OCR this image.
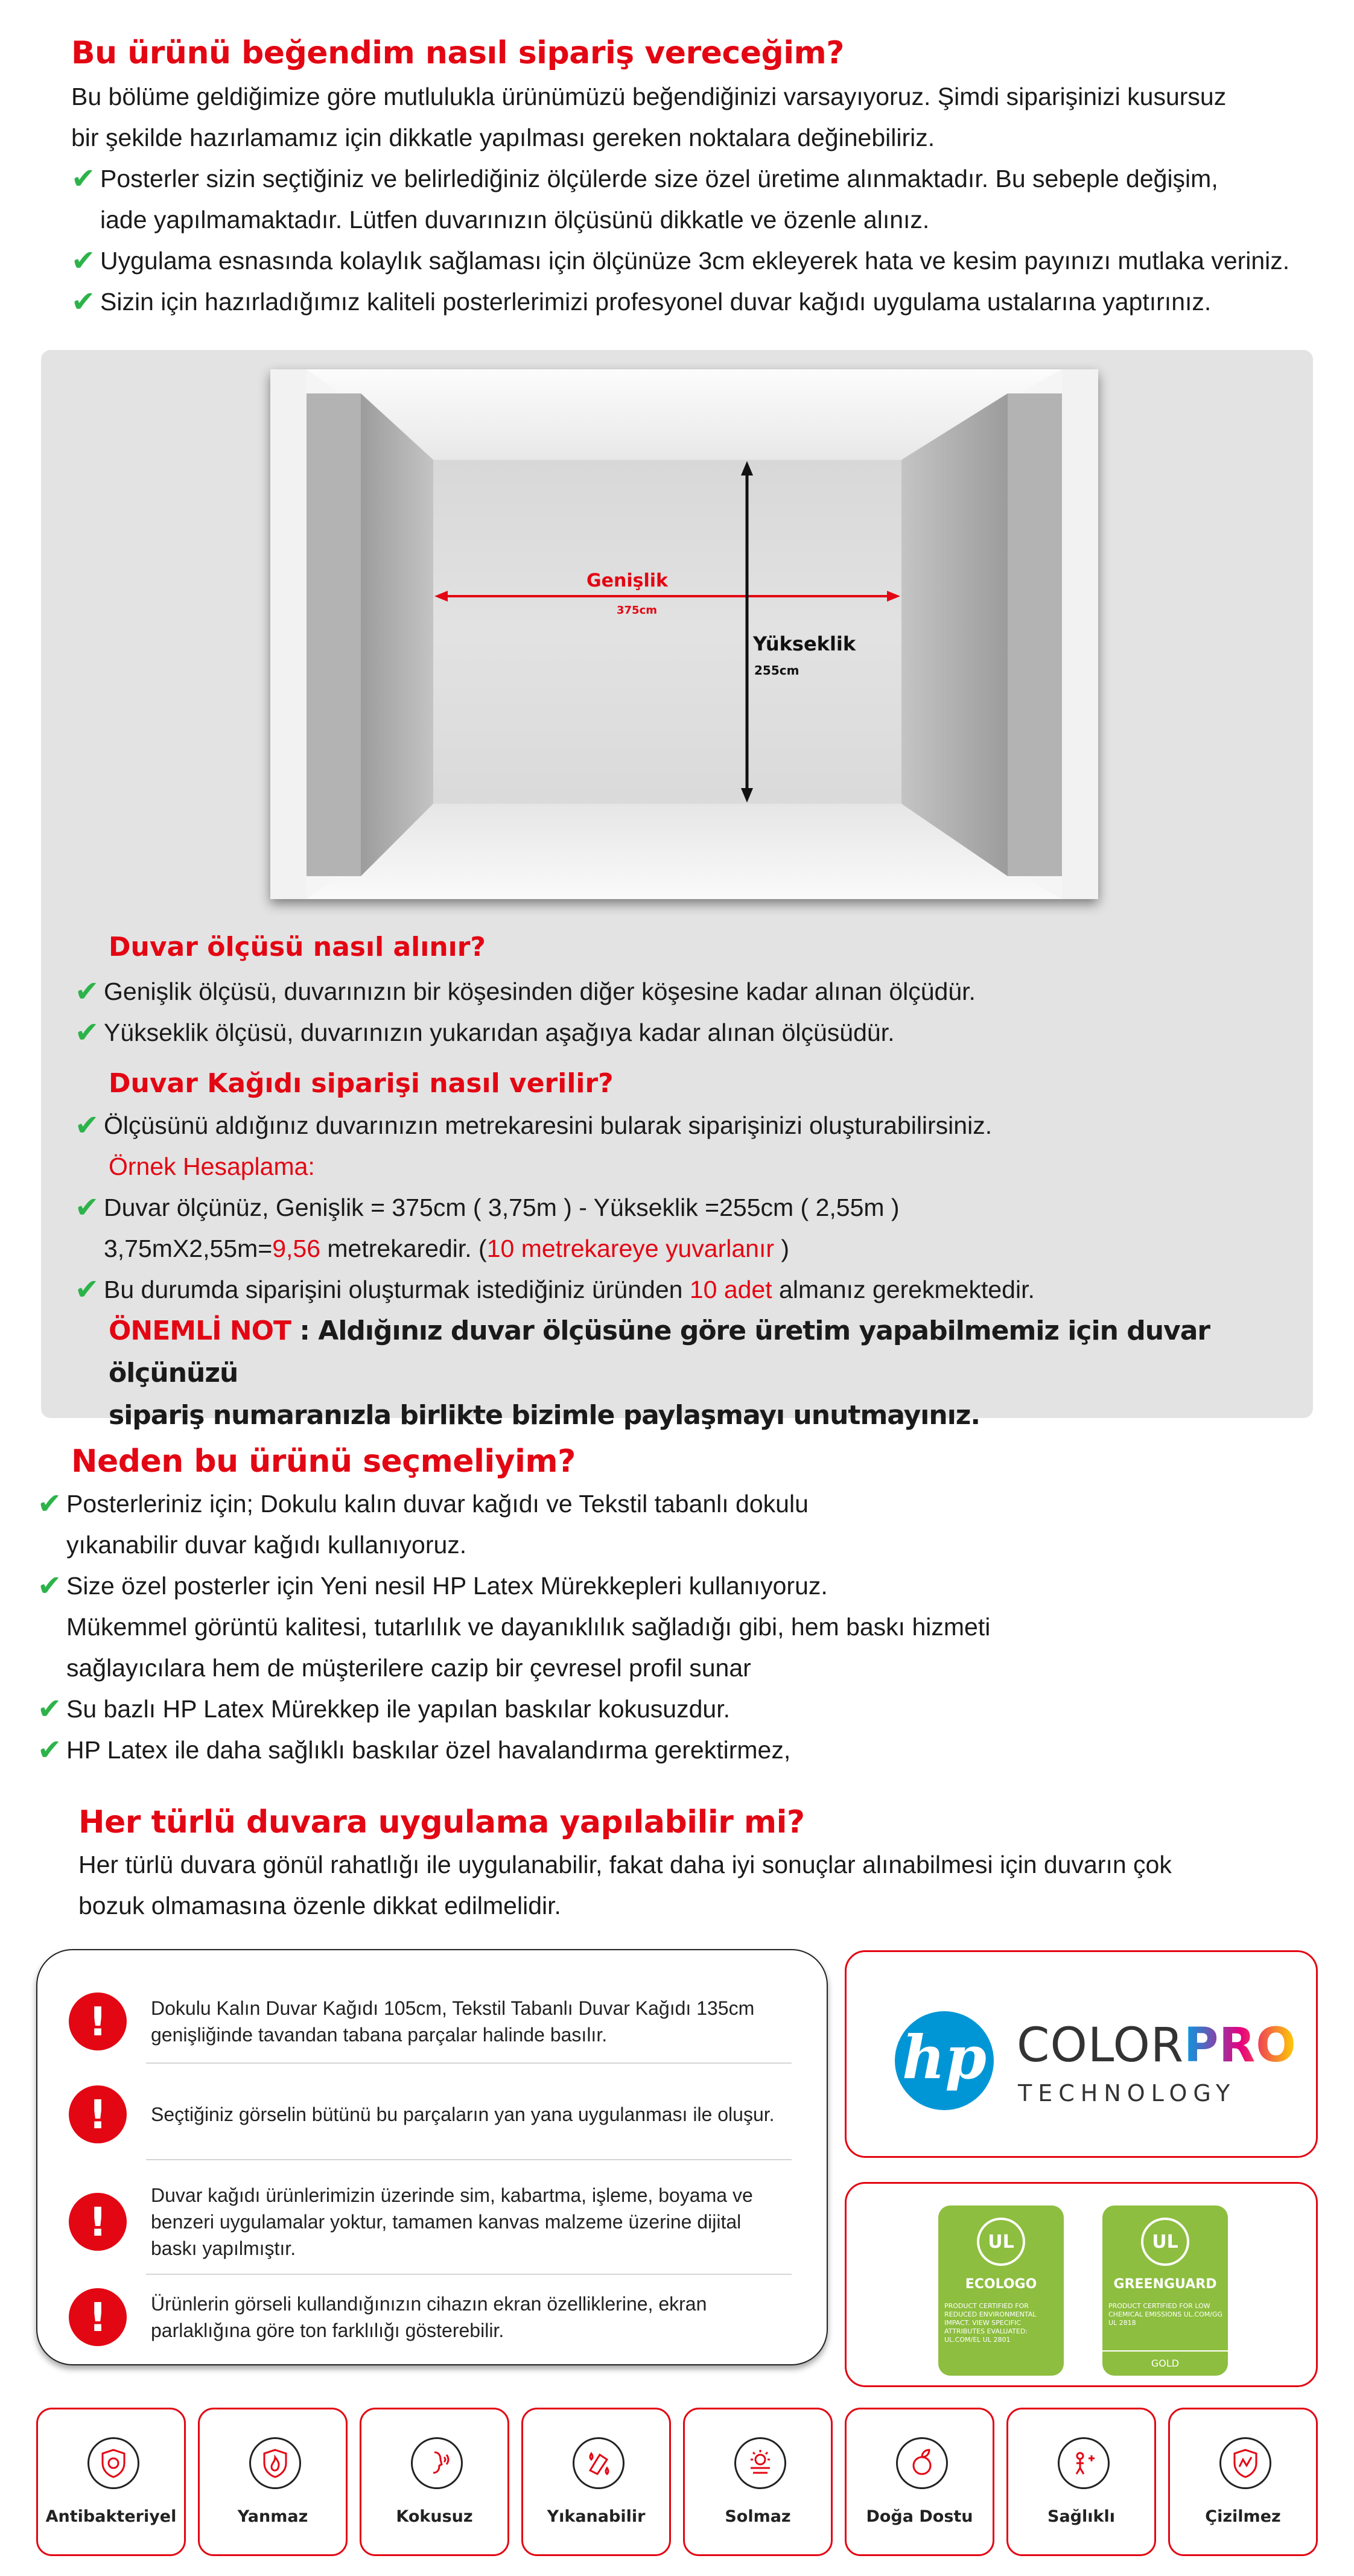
Bu ürünü beğendim nasıl sipariş vereceğim?
Bu bölüme geldiğimize göre mutlulukla ürünümüzü beğendiğinizi varsayıyoruz. Şimdi siparişinizi kusursuz
bir şekilde hazırlamamız için dikkatle yapılması gereken noktalara değinebiliriz.
✔ Posterler sizin seçtiğiniz ve belirlediğiniz ölçülerde size özel üretime alınmaktadır. Bu sebeple değişim,
iade yapılmamaktadır. Lütfen duvarınızın ölçüsünü dikkatle ve özenle alınız.
✔ Uygulama esnasında kolaylık sağlaması için ölçünüze 3cm ekleyerek hata ve kesim payınızı mutlaka veriniz.
✔ Sizin için hazırladığımız kaliteli posterlerimizi profesyonel duvar kağıdı uygulama ustalarına yaptırınız.
Genişlik
375cm
Yükseklik
255cm
Duvar ölçüsü nasıl alınır?
✔ Genişlik ölçüsü, duvarınızın bir köşesinden diğer köşesine kadar alınan ölçüdür.
✔ Yükseklik ölçüsü, duvarınızın yukarıdan aşağıya kadar alınan ölçüsüdür.
Duvar Kağıdı siparişi nasıl verilir?
✔ Ölçüsünü aldığınız duvarınızın metrekaresini bularak siparişinizi oluşturabilirsiniz.
Örnek Hesaplama:
✔ Duvar ölçünüz, Genişlik = 375cm ( 3,75m ) - Yükseklik =255cm ( 2,55m )
3,75mX2,55m=9,56 metrekaredir. (10 metrekareye yuvarlanır )
✔ Bu durumda siparişini oluşturmak istediğiniz üründen 10 adet almanız gerekmektedir.
ÖNEMLİ NOT : Aldığınız duvar ölçüsüne göre üretim yapabilmemiz için duvar ölçünüzü
sipariş numaranızla birlikte bizimle paylaşmayı unutmayınız.
Neden bu ürünü seçmeliyim?
✔ Posterleriniz için; Dokulu kalın duvar kağıdı ve Tekstil tabanlı dokulu
yıkanabilir duvar kağıdı kullanıyoruz.
✔ Size özel posterler için Yeni nesil HP Latex Mürekkepleri kullanıyoruz.
Mükemmel görüntü kalitesi, tutarlılık ve dayanıklılık sağladığı gibi, hem baskı hizmeti
sağlayıcılara hem de müşterilere cazip bir çevresel profil sunar
✔ Su bazlı HP Latex Mürekkep ile yapılan baskılar kokusuzdur.
✔ HP Latex ile daha sağlıklı baskılar özel havalandırma gerektirmez,
Her türlü duvara uygulama yapılabilir mi?
Her türlü duvara gönül rahatlığı ile uygulanabilir, fakat daha iyi sonuçlar alınabilmesi için duvarın çok
bozuk olmamasına özenle dikkat edilmelidir.
!	Dokulu Kalın Duvar Kağıdı 105cm, Tekstil Tabanlı Duvar Kağıdı 135cm
genişliğinde tavandan tabana parçalar halinde basılır.
!	Seçtiğiniz görselin bütünü bu parçaların yan yana uygulanması ile oluşur.
!
Duvar kağıdı ürünlerimizin üzerinde sim, kabartma, işleme, boyama ve
benzeri uygulamalar yoktur, tamamen kanvas malzeme üzerine dijital
baskı yapılmıştır.
!	Ürünlerin görseli kullandığınızın cihazın ekran özelliklerine, ekran
parlaklığına göre ton farklılığı gösterebilir.
hp COLORPRO
TECHNOLOGY
UL
ECOLOGO
PRODUCT CERTIFIED FOR REDUCED ENVIRONMENTAL IMPACT. VIEW SPECIFIC ATTRIBUTES EVALUATED: UL.COM/EL UL 2801
UL
GREENGUARD
PRODUCT CERTIFIED FOR LOW CHEMICAL EMISSIONS UL.COM/GG UL 2818
GOLD
Antibakteriyel	Yanmaz	Kokusuz	Yıkanabilir	Solmaz	Doğa Dostu	Sağlıklı	Çizilmez
